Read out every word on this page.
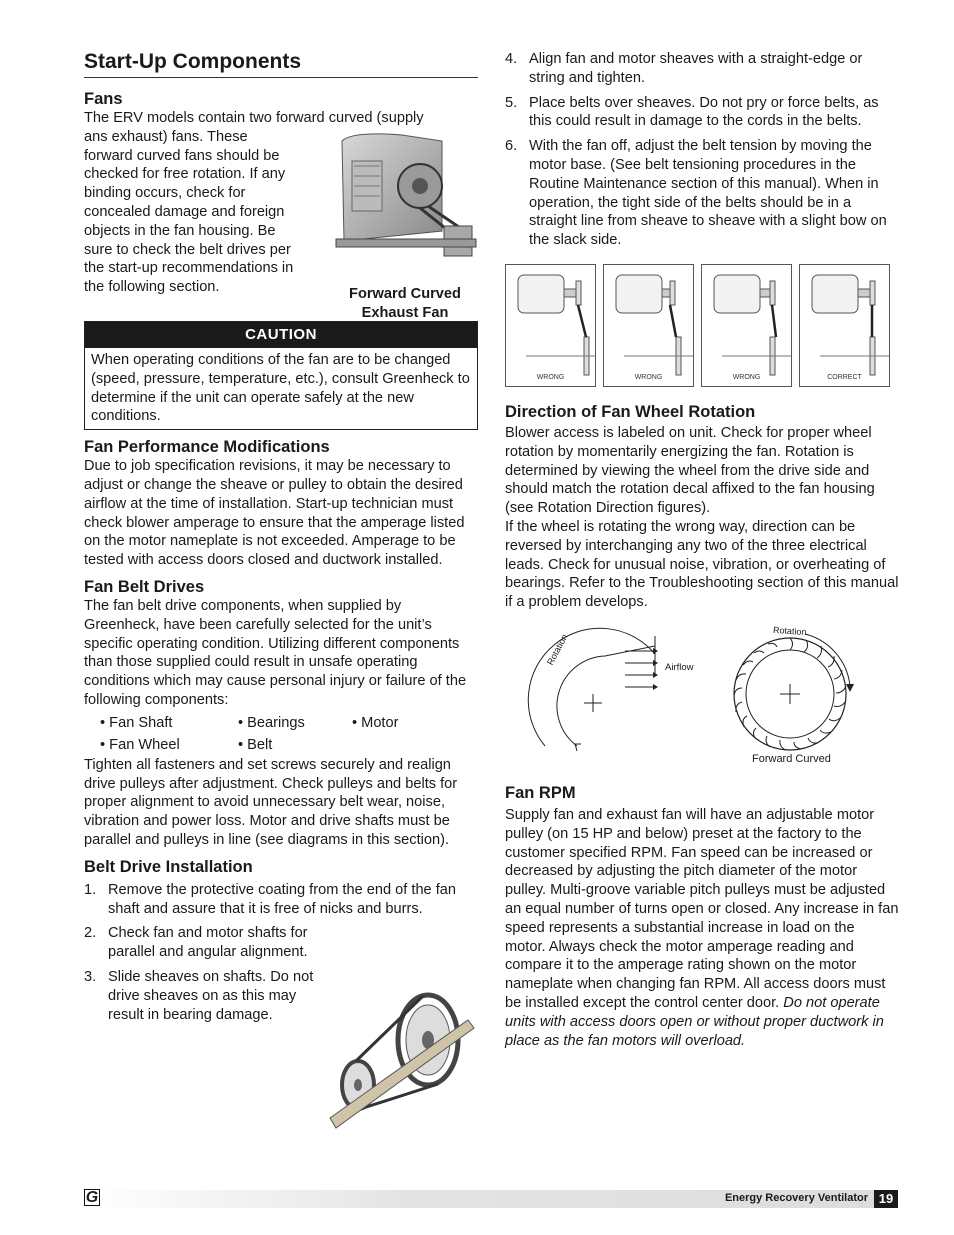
Start-Up Components
Fans
The ERV models contain two forward curved (supply
ans exhaust) fans. These forward curved fans should be checked for free rotation. If any binding occurs, check for concealed damage and foreign objects in the fan housing. Be sure to check the belt drives per the start-up recommendations in the following section.	Forward Curved
Exhaust Fan
CAUTION
When operating conditions of the fan are to be changed (speed, pressure, temperature, etc.), consult Greenheck to determine if the unit can operate safely at the new conditions.
Fan Performance Modifications

Due to job specification revisions, it may be necessary to adjust or change the sheave or pulley to obtain the desired airflow at the time of installation. Start-up technician must check blower amperage to ensure that the amperage listed on the motor nameplate is not exceeded. Amperage to be tested with access doors closed and ductwork installed.

Fan Belt Drives

The fan belt drive components, when supplied by Greenheck, have been carefully selected for the unit’s specific operating condition. Utilizing different components than those supplied could result in unsafe operating conditions which may cause personal injury or failure of the following components:

• Fan Shaft	• Bearings	• Motor
• Fan Wheel	• Belt

Tighten all fasteners and set screws securely and realign drive pulleys after adjustment. Check pulleys and belts for proper alignment to avoid unnecessary belt wear, noise, vibration and power loss. Motor and drive shafts must be parallel and pulleys in line (see diagrams in this section).

Belt Drive Installation
1. Remove the protective coating from the end of the fan shaft and assure that it is free of nicks and burrs.
2. Check fan and motor shafts for parallel and angular alignment.
3. Slide sheaves on shafts. Do not drive sheaves on as this may result in bearing damage.
4. Align fan and motor sheaves with a straight-edge or string and tighten.
5. Place belts over sheaves. Do not pry or force belts, as this could result in damage to the cords in the belts.
6. With the fan off, adjust the belt tension by moving the motor base. (See belt tensioning procedures in the Routine Maintenance section of this manual). When in operation, the tight side of the belts should be in a straight line from sheave to sheave with a slight bow on the slack side.
WRONG	WRONG	WRONG	CORRECT
Direction of Fan Wheel Rotation

Blower access is labeled on unit. Check for proper wheel rotation by momentarily energizing the fan. Rotation is determined by viewing the wheel from the drive side and should match the rotation decal affixed to the fan housing (see Rotation Direction figures).

If the wheel is rotating the wrong way, direction can be reversed by interchanging any two of the three electrical leads. Check for unusual noise, vibration, or overheating of bearings. Refer to the Troubleshooting section of this manual if a problem develops.

Rotation
Rotation
Airflow
Forward Curved
Fan RPM

Supply fan and exhaust fan will have an adjustable motor pulley (on 15 HP and below) preset at the factory to the customer specified RPM. Fan speed can be increased or decreased by adjusting the pitch diameter of the motor pulley. Multi-groove variable pitch pulleys must be adjusted an equal number of turns open or closed. Any increase in fan speed represents a substantial increase in load on the motor. Always check the motor amperage reading and compare it to the amperage rating shown on the motor nameplate when changing fan RPM. All access doors must be installed except the control center door. Do not operate units with access doors open or without proper ductwork in place as the fan motors will overload.

G	Energy Recovery Ventilator 19
